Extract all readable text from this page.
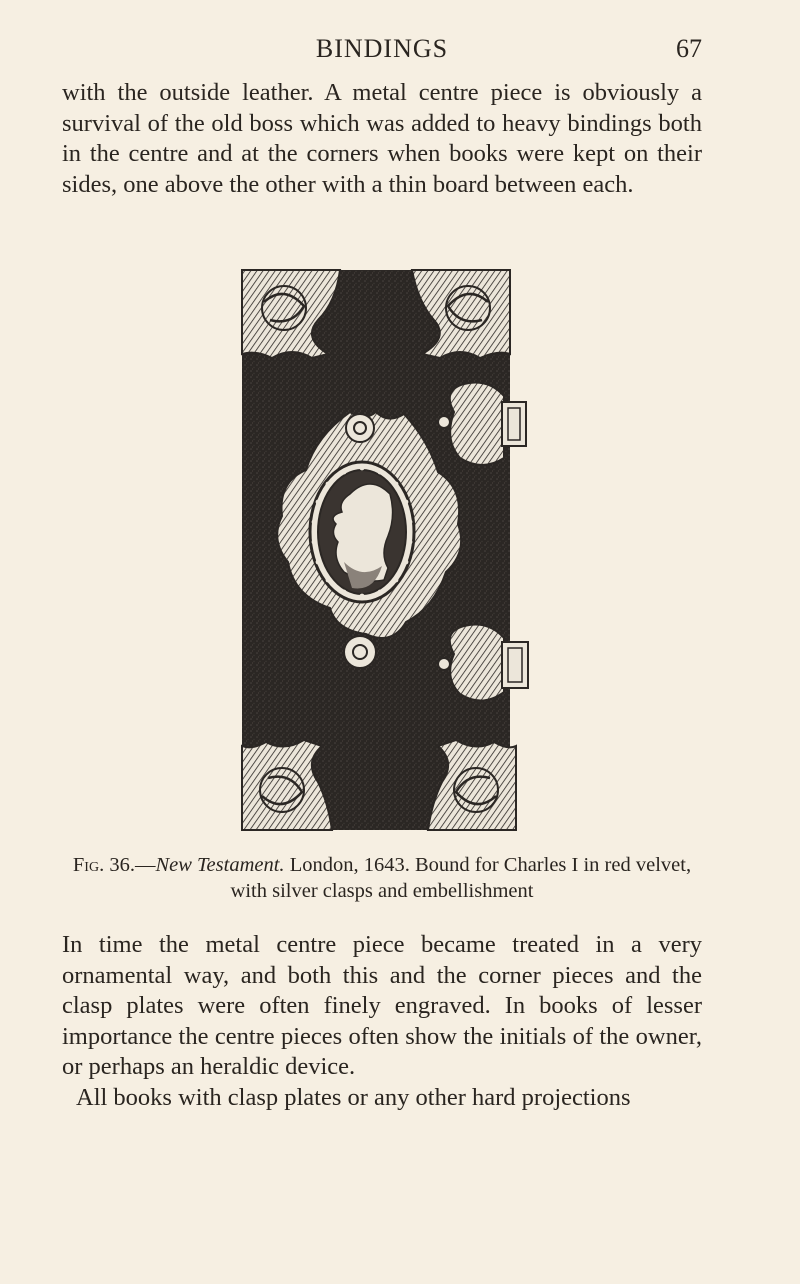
BINDINGS	67

with the outside leather. A metal centre piece is obviously a survival of the old boss which was added to heavy bindings both in the centre and at the corners when books were kept on their sides, one above the other with a thin board between each.

Fig. 36.—New Testament. London, 1643. Bound for Charles I in red velvet, with silver clasps and embellishment

In time the metal centre piece became treated in a very ornamental way, and both this and the corner pieces and the clasp plates were often finely engraved. In books of lesser importance the centre pieces often show the initials of the owner, or perhaps an heraldic device.

All books with clasp plates or any other hard projections
